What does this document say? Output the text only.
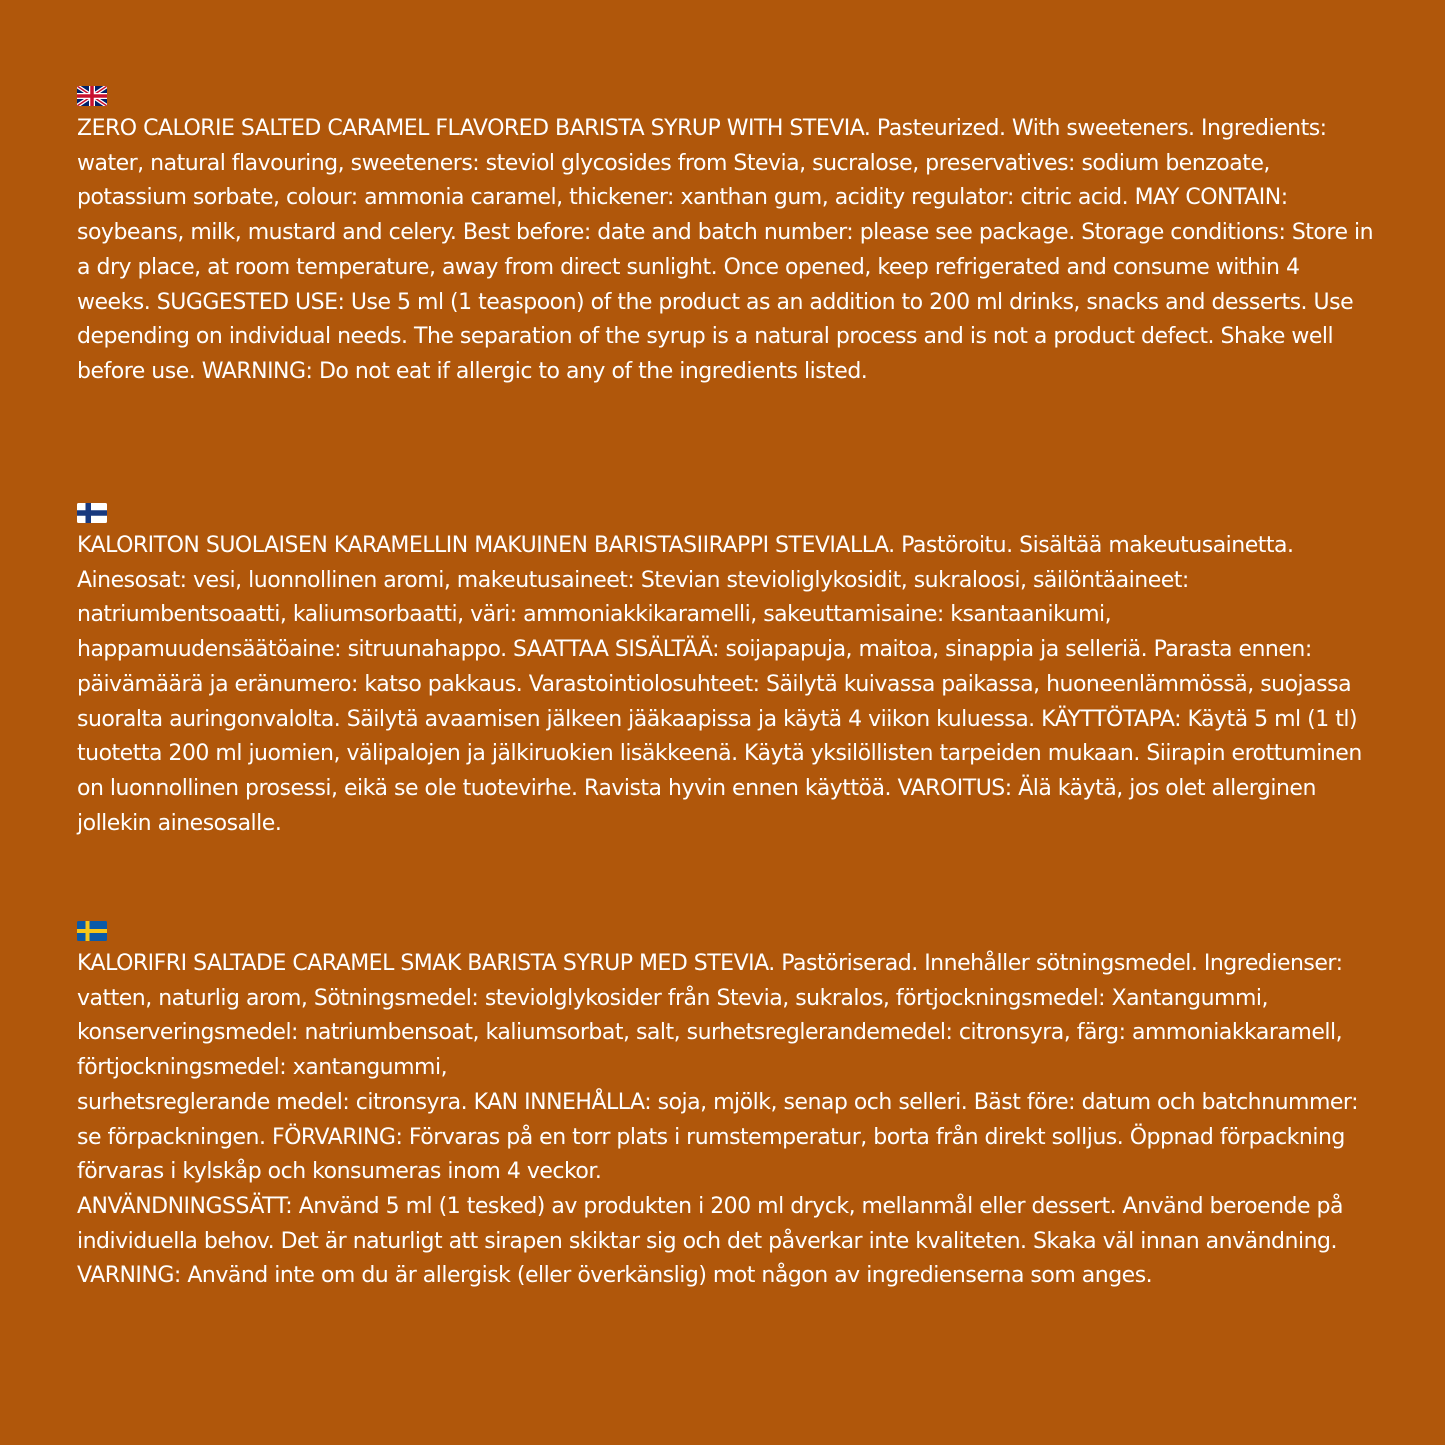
ZERO CALORIE SALTED CARAMEL FLAVORED BARISTA SYRUP WITH STEVIA. Pasteurized. With sweeteners. Ingredients: water, natural flavouring, sweeteners: steviol glycosides from Stevia, sucralose, preservatives: sodium benzoate, potassium sorbate, colour: ammonia caramel, thickener: xanthan gum, acidity regulator: citric acid. MAY CONTAIN: soybeans, milk, mustard and celery. Best before: date and batch number: please see package. Storage conditions: Store in a dry place, at room temperature, away from direct sunlight. Once opened, keep refrigerated and consume within 4 weeks. SUGGESTED USE: Use 5 ml (1 teaspoon) of the product as an addition to 200 ml drinks, snacks and desserts. Use depending on individual needs. The separation of the syrup is a natural process and is not a product defect. Shake well before use. WARNING: Do not eat if allergic to any of the ingredients listed.
KALORITON SUOLAISEN KARAMELLIN MAKUINEN BARISTASIIRAPPI STEVIALLA. Pastöroitu. Sisältää makeutusainetta. Ainesosat: vesi, luonnollinen aromi, makeutusaineet: Stevian stevioliglykosidit, sukraloosi, säilöntäaineet: natriumbentsoaatti, kaliumsorbaatti, väri: ammoniakkikaramelli, sakeuttamisaine: ksantaanikumi, happamuudensäätöaine: sitruunahappo. SAATTAA SISÄLTÄÄ: soijapapuja, maitoa, sinappia ja selleriä. Parasta ennen: päivämäärä ja eränumero: katso pakkaus. Varastointiolosuhteet: Säilytä kuivassa paikassa, huoneenlämmössä, suojassa suoralta auringonvalolta. Säilytä avaamisen jälkeen jääkaapissa ja käytä 4 viikon kuluessa. KÄYTTÖTAPA: Käytä 5 ml (1 tl) tuotetta 200 ml juomien, välipalojen ja jälkiruokien lisäkkeenä. Käytä yksilöllisten tarpeiden mukaan. Siirapin erottuminen on luonnollinen prosessi, eikä se ole tuotevirhe. Ravista hyvin ennen käyttöä. VAROITUS: Älä käytä, jos olet allerginen jollekin ainesosalle.
KALORIFRI SALTADE CARAMEL SMAK BARISTA SYRUP MED STEVIA. Pastöriserad. Innehåller sötningsmedel. Ingredienser: vatten, naturlig arom, Sötningsmedel: steviolglykosider från Stevia, sukralos, förtjockningsmedel: Xantangummi,
konserveringsmedel: natriumbensoat, kaliumsorbat, salt, surhetsreglerandemedel: citronsyra, färg: ammoniakkaramell, förtjockningsmedel: xantangummi,
surhetsreglerande medel: citronsyra. KAN INNEHÅLLA: soja, mjölk, senap och selleri. Bäst före: datum och batchnummer: se förpackningen. FÖRVARING: Förvaras på en torr plats i rumstemperatur, borta från direkt solljus. Öppnad förpackning förvaras i kylskåp och konsumeras inom 4 veckor.
ANVÄNDNINGSSÄTT: Använd 5 ml (1 tesked) av produkten i 200 ml dryck, mellanmål eller dessert. Använd beroende på individuella behov. Det är naturligt att sirapen skiktar sig och det påverkar inte kvaliteten. Skaka väl innan användning. VARNING: Använd inte om du är allergisk (eller överkänslig) mot någon av ingredienserna som anges.
